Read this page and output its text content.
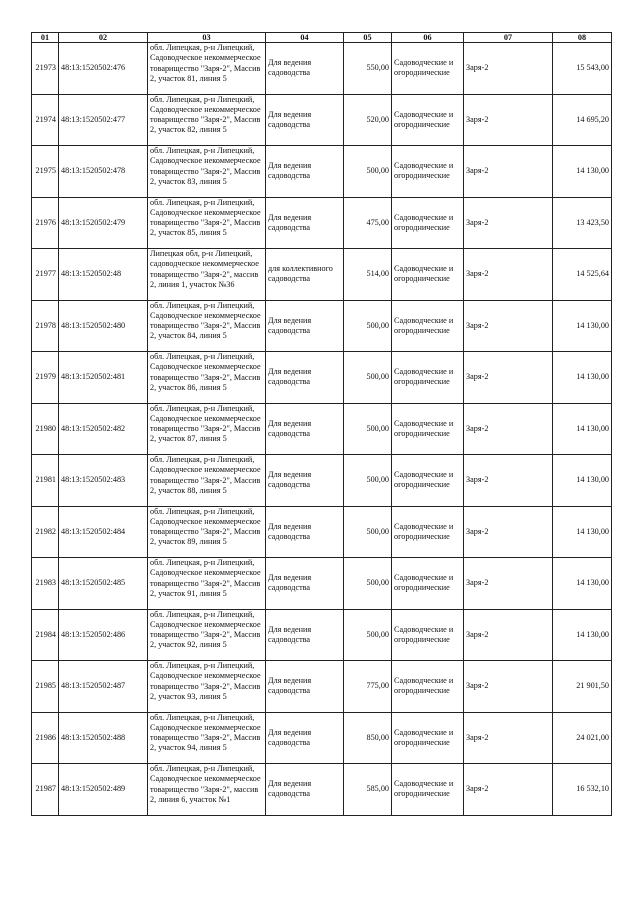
01	02	03	04	05	06	07	08
21973	48:13:1520502:476	обл. Липецкая, р-н Липецкий, Садоводческое некоммерческое товарищество "Заря-2", Массив 2, участок 81, линия 5	Для ведения садоводства	550,00	Садоводческие и огороднические	Заря-2	15 543,00
21974	48:13:1520502:477	обл. Липецкая, р-н Липецкий, Садоводческое некоммерческое товарищество "Заря-2", Массив 2, участок 82, линия 5	Для ведения садоводства	520,00	Садоводческие и огороднические	Заря-2	14 695,20
21975	48:13:1520502:478	обл. Липецкая, р-н Липецкий, Садоводческое некоммерческое товарищество "Заря-2", Массив 2, участок 83, линия 5	Для ведения садоводства	500,00	Садоводческие и огороднические	Заря-2	14 130,00
21976	48:13:1520502:479	обл. Липецкая, р-н Липецкий, Садоводческое некоммерческое товарищество "Заря-2", Массив 2, участок 85, линия 5	Для ведения садоводства	475,00	Садоводческие и огороднические	Заря-2	13 423,50
21977	48:13:1520502:48	Липецкая обл, р-н Липецкий, садоводческое некоммерческое товарищество "Заря-2", массив 2, линия 1, участок №36	для коллективного садоводства	514,00	Садоводческие и огороднические	Заря-2	14 525,64
21978	48:13:1520502:480	обл. Липецкая, р-н Липецкий, Садоводческое некоммерческое товарищество "Заря-2", Массив 2, участок 84, линия 5	Для ведения садоводства	500,00	Садоводческие и огороднические	Заря-2	14 130,00
21979	48:13:1520502:481	обл. Липецкая, р-н Липецкий, Садоводческое некоммерческое товарищество "Заря-2", Массив 2, участок 86, линия 5	Для ведения садоводства	500,00	Садоводческие и огороднические	Заря-2	14 130,00
21980	48:13:1520502:482	обл. Липецкая, р-н Липецкий, Садоводческое некоммерческое товарищество "Заря-2", Массив 2, участок 87, линия 5	Для ведения садоводства	500,00	Садоводческие и огороднические	Заря-2	14 130,00
21981	48:13:1520502:483	обл. Липецкая, р-н Липецкий, Садоводческое некоммерческое товарищество "Заря-2", Массив 2, участок 88, линия 5	Для ведения садоводства	500,00	Садоводческие и огороднические	Заря-2	14 130,00
21982	48:13:1520502:484	обл. Липецкая, р-н Липецкий, Садоводческое некоммерческое товарищество "Заря-2", Массив 2, участок 89, линия 5	Для ведения садоводства	500,00	Садоводческие и огороднические	Заря-2	14 130,00
21983	48:13:1520502:485	обл. Липецкая, р-н Липецкий, Садоводческое некоммерческое товарищество "Заря-2", Массив 2, участок 91, линия 5	Для ведения садоводства	500,00	Садоводческие и огороднические	Заря-2	14 130,00
21984	48:13:1520502:486	обл. Липецкая, р-н Липецкий, Садоводческое некоммерческое товарищество "Заря-2", Массив 2, участок 92, линия 5	Для ведения садоводства	500,00	Садоводческие и огороднические	Заря-2	14 130,00
21985	48:13:1520502:487	обл. Липецкая, р-н Липецкий, Садоводческое некоммерческое товарищество "Заря-2", Массив 2, участок 93, линия 5	Для ведения садоводства	775,00	Садоводческие и огороднические	Заря-2	21 901,50
21986	48:13:1520502:488	обл. Липецкая, р-н Липецкий, Садоводческое некоммерческое товарищество "Заря-2", Массив 2, участок 94, линия 5	Для ведения садоводства	850,00	Садоводческие и огороднические	Заря-2	24 021,00
21987	48:13:1520502:489	обл. Липецкая, р-н Липецкий, Садоводческое некоммерческое товарищество "Заря-2", массив 2, линия 6, участок №1	Для ведения садоводства	585,00	Садоводческие и огороднические	Заря-2	16 532,10
